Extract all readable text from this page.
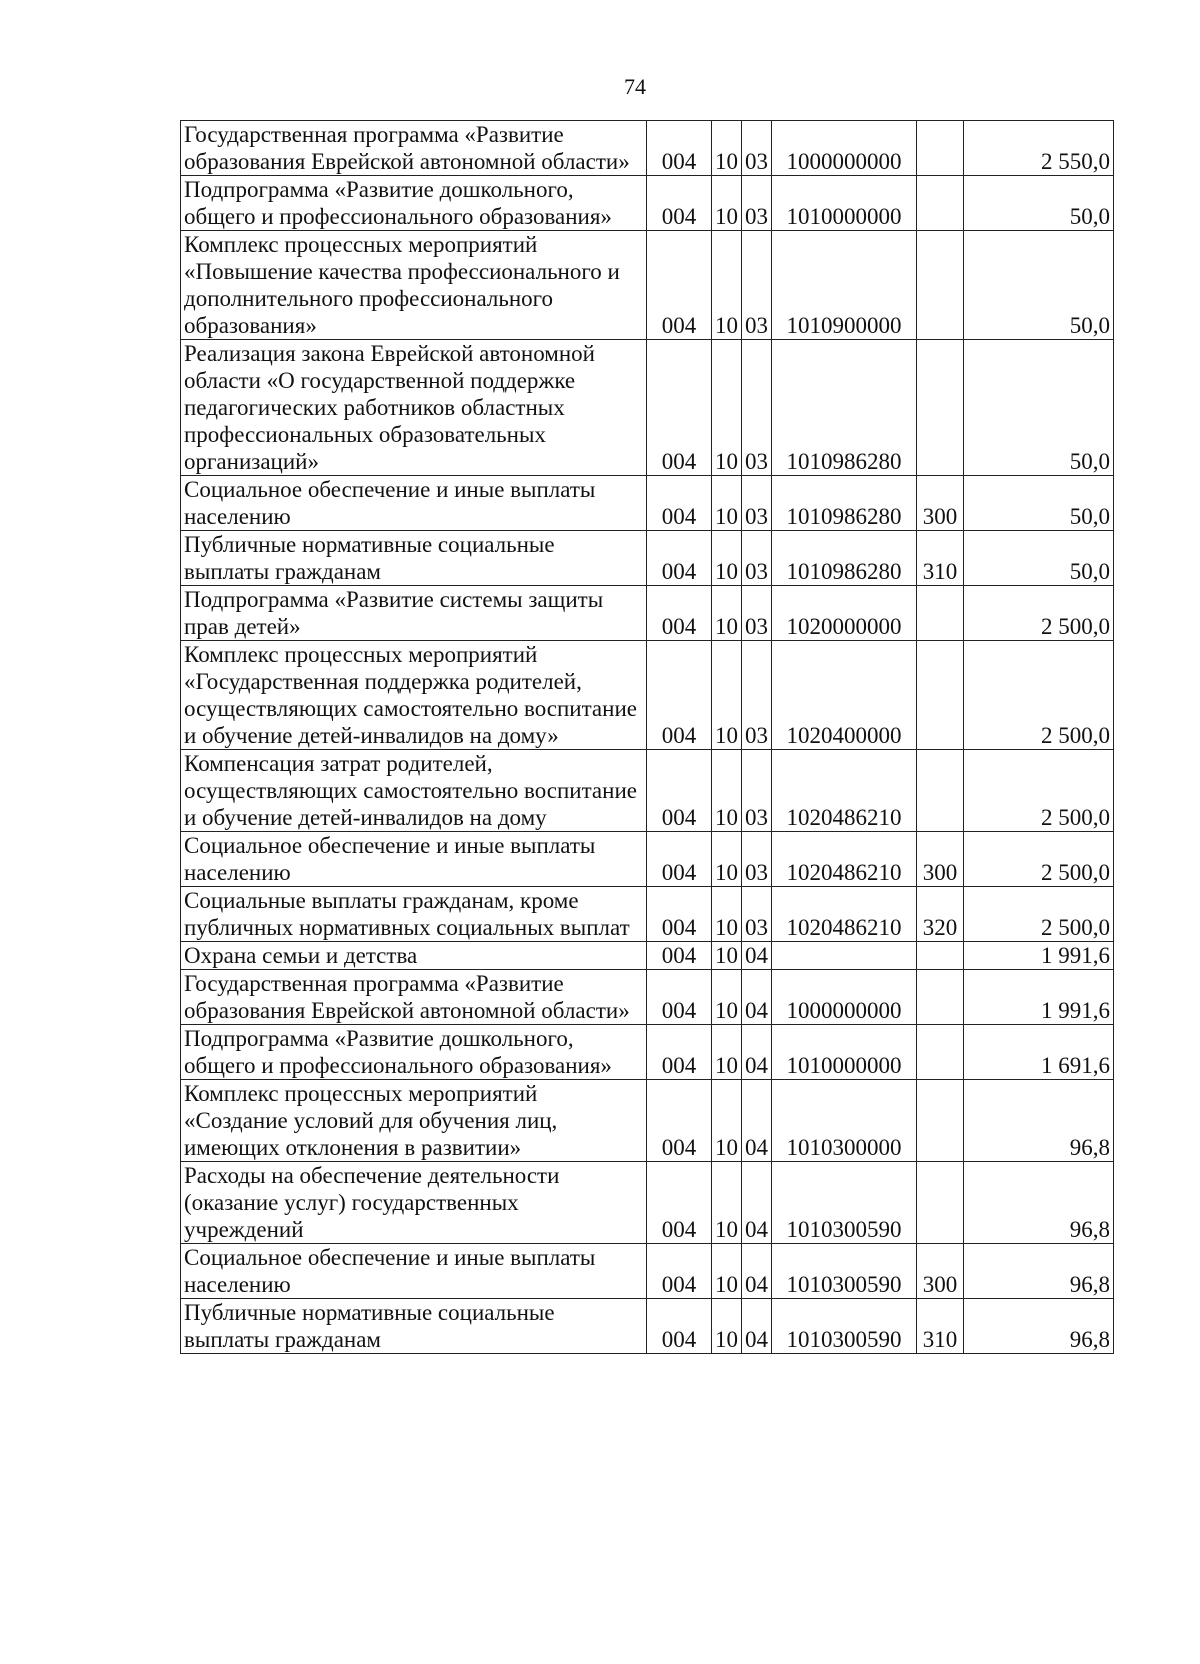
74
Государственная программа «Развитие образования Еврейской автономной области»	004	10	03	1000000000		2 550,0
Подпрограмма «Развитие дошкольного, общего и профессионального образования»	004	10	03	1010000000		50,0
Комплекс процессных мероприятий «Повышение качества профессионального и дополнительного профессионального образования»	004	10	03	1010900000		50,0
Реализация закона Еврейской автономной области «О государственной поддержке педагогических работников областных профессиональных образовательных организаций»	004	10	03	1010986280		50,0
Социальное обеспечение и иные выплаты населению	004	10	03	1010986280	300	50,0
Публичные нормативные социальные выплаты гражданам	004	10	03	1010986280	310	50,0
Подпрограмма «Развитие системы защиты прав детей»	004	10	03	1020000000		2 500,0
Комплекс процессных мероприятий «Государственная поддержка родителей, осуществляющих самостоятельно воспитание и обучение детей-инвалидов на дому»	004	10	03	1020400000		2 500,0
Компенсация затрат родителей, осуществляющих самостоятельно воспитание и обучение детей-инвалидов на дому	004	10	03	1020486210		2 500,0
Социальное обеспечение и иные выплаты населению	004	10	03	1020486210	300	2 500,0
Социальные выплаты гражданам, кроме публичных нормативных социальных выплат	004	10	03	1020486210	320	2 500,0
Охрана семьи и детства	004	10	04			1 991,6
Государственная программа «Развитие образования Еврейской автономной области»	004	10	04	1000000000		1 991,6
Подпрограмма «Развитие дошкольного, общего и профессионального образования»	004	10	04	1010000000		1 691,6
Комплекс процессных мероприятий «Создание условий для обучения лиц, имеющих отклонения в развитии»	004	10	04	1010300000		96,8
Расходы на обеспечение деятельности (оказание услуг) государственных учреждений	004	10	04	1010300590		96,8
Социальное обеспечение и иные выплаты населению	004	10	04	1010300590	300	96,8
Публичные нормативные социальные выплаты гражданам	004	10	04	1010300590	310	96,8
